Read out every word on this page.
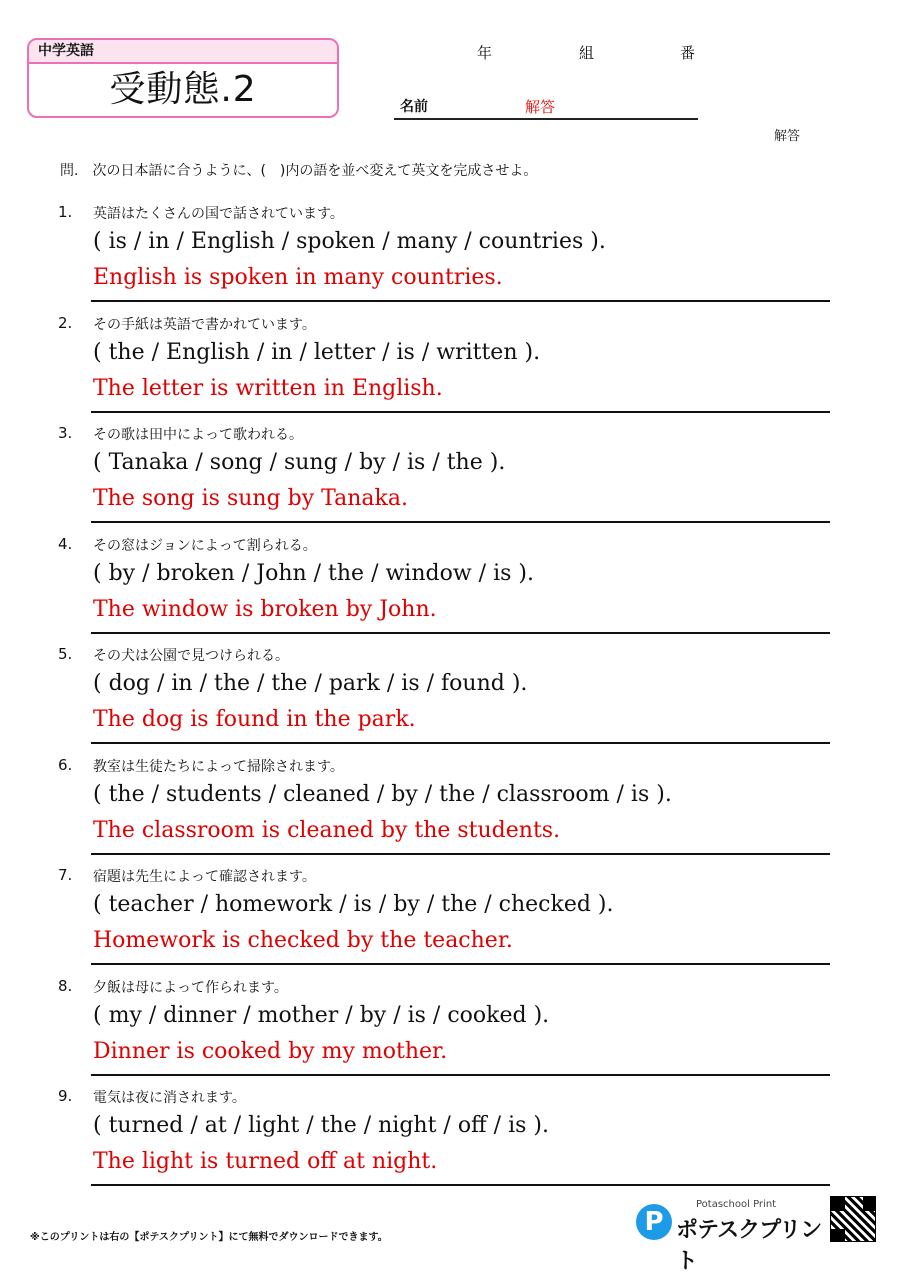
中学英語
受動態.2
年	組	番
名前	解答
解答
問. 次の日本語に合うように、(　)内の語を並べ変えて英文を完成させよ。
1. 英語はたくさんの国で話されています。
( is / in / English / spoken / many / countries ).
English is spoken in many countries.
2. その手紙は英語で書かれています。
( the / English / in / letter / is / written ).
The letter is written in English.
3. その歌は田中によって歌われる。
( Tanaka / song / sung / by / is / the ).
The song is sung by Tanaka.
4. その窓はジョンによって割られる。
( by / broken / John / the / window / is ).
The window is broken by John.
5. その犬は公園で見つけられる。
( dog / in / the / the / park / is / found ).
The dog is found in the park.
6. 教室は生徒たちによって掃除されます。
( the / students / cleaned / by / the / classroom / is ).
The classroom is cleaned by the students.
7. 宿題は先生によって確認されます。
( teacher / homework / is / by / the / checked ).
Homework is checked by the teacher.
8. 夕飯は母によって作られます。
( my / dinner / mother / by / is / cooked ).
Dinner is cooked by my mother.
9. 電気は夜に消されます。
( turned / at / light / the / night / off / is ).
The light is turned off at night.
※このプリントは右の【ポテスクプリント】にて無料でダウンロードできます。
Potaschool Print
P ポテスクプリント
